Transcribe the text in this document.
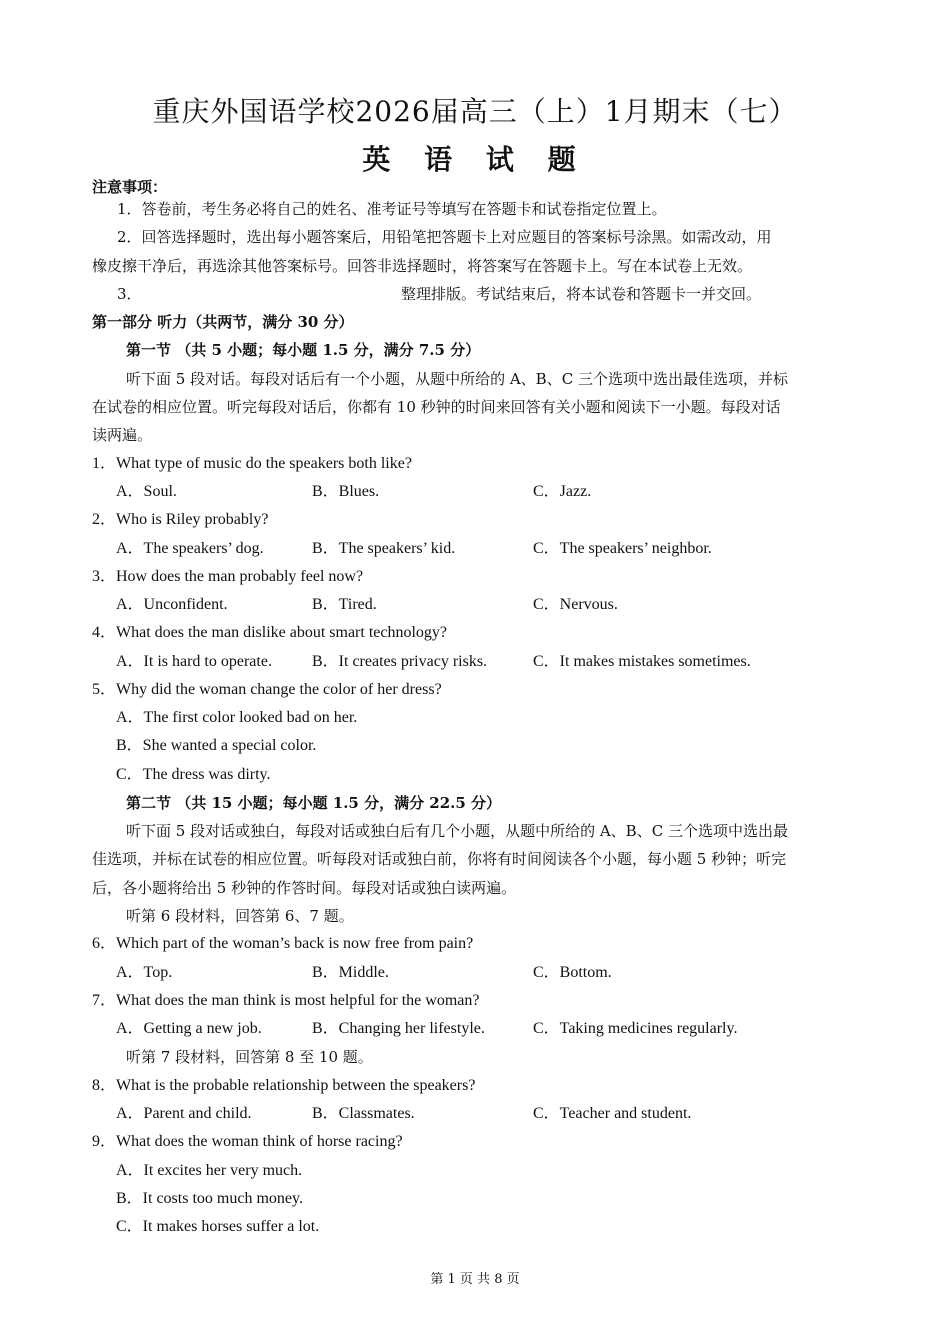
重庆外国语学校2026届高三（上）1月期末（七）
英 语 试 题
注意事项：
1．答卷前，考生务必将自己的姓名、准考证号等填写在答题卡和试卷指定位置上。
2．回答选择题时，选出每小题答案后，用铅笔把答题卡上对应题目的答案标号涂黑。如需改动，用
橡皮擦干净后，再选涂其他答案标号。回答非选择题时，将答案写在答题卡上。写在本试卷上无效。
3．	整理排版。考试结束后，将本试卷和答题卡一并交回。
第一部分 听力（共两节，满分 30 分）
第一节 （共 5 小题；每小题 1.5 分，满分 7.5 分）
听下面 5 段对话。每段对话后有一个小题，从题中所给的 A、B、C 三个选项中选出最佳选项，并标
在试卷的相应位置。听完每段对话后，你都有 10 秒钟的时间来回答有关小题和阅读下一小题。每段对话
读两遍。
1．What type of music do the speakers both like?
A．Soul.	B．Blues.	C．Jazz.
2．Who is Riley probably?
A．The speakers’ dog.	B．The speakers’ kid.	C．The speakers’ neighbor.
3．How does the man probably feel now?
A．Unconfident.	B．Tired.	C．Nervous.
4．What does the man dislike about smart technology?
A．It is hard to operate.	B．It creates privacy risks.	C．It makes mistakes sometimes.
5．Why did the woman change the color of her dress?
A．The first color looked bad on her.
B．She wanted a special color.
C．The dress was dirty.
第二节 （共 15 小题；每小题 1.5 分，满分 22.5 分）
听下面 5 段对话或独白，每段对话或独白后有几个小题，从题中所给的 A、B、C 三个选项中选出最
佳选项，并标在试卷的相应位置。听每段对话或独白前，你将有时间阅读各个小题，每小题 5 秒钟；听完
后，各小题将给出 5 秒钟的作答时间。每段对话或独白读两遍。
听第 6 段材料，回答第 6、7 题。
6．Which part of the woman’s back is now free from pain?
A．Top.	B．Middle.	C．Bottom.
7．What does the man think is most helpful for the woman?
A．Getting a new job.	B．Changing her lifestyle.	C．Taking medicines regularly.
听第 7 段材料，回答第 8 至 10 题。
8．What is the probable relationship between the speakers?
A．Parent and child.	B．Classmates.	C．Teacher and student.
9．What does the woman think of horse racing?
A．It excites her very much.
B．It costs too much money.
C．It makes horses suffer a lot.
第 1 页 共 8 页
